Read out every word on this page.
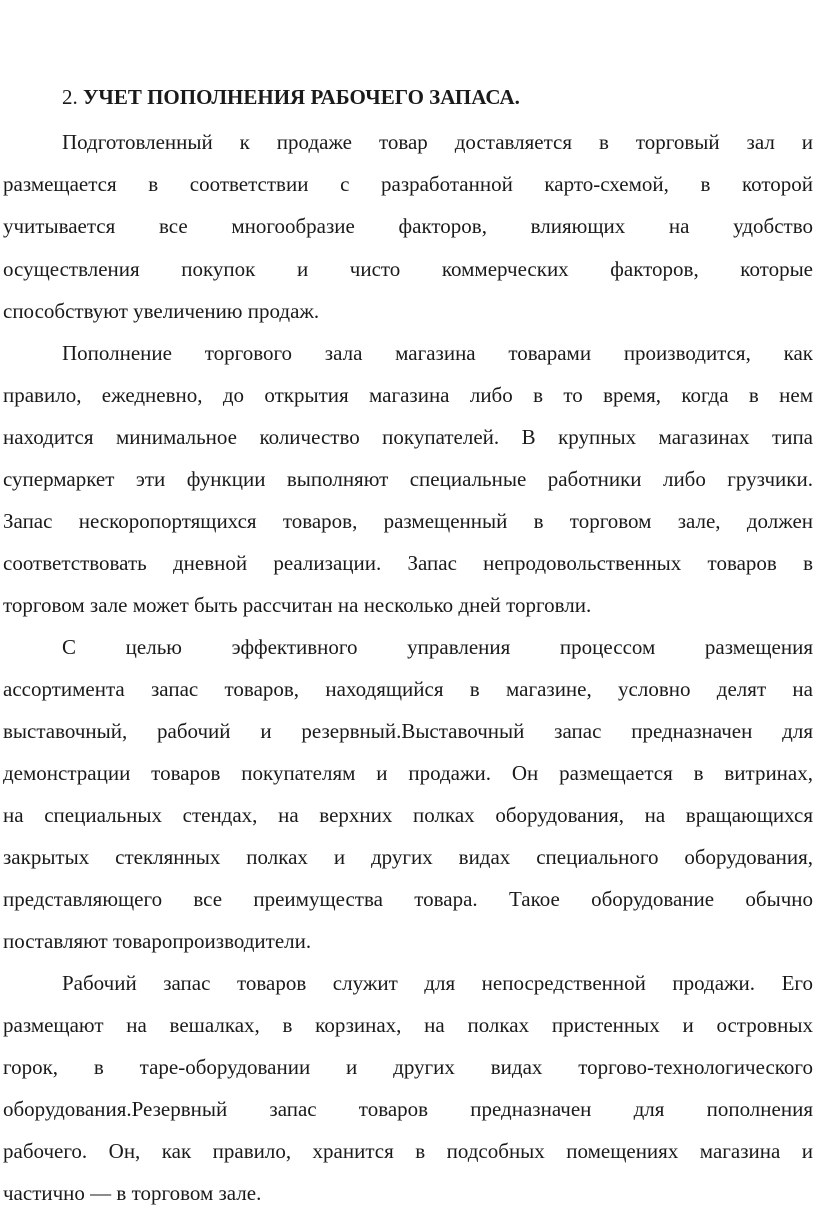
2. УЧЕТ ПОПОЛНЕНИЯ РАБОЧЕГО ЗАПАСА.
Подготовленный к продаже товар доставляется в торговый зал и
размещается в соответствии с разработанной карто-схемой, в которой
учитывается все многообразие факторов, влияющих на удобство
осуществления покупок и чисто коммерческих факторов, которые
способствуют увеличению продаж.
Пополнение торгового зала магазина товарами производится, как
правило, ежедневно, до открытия магазина либо в то время, когда в нем
находится минимальное количество покупателей. В крупных магазинах типа
супермаркет эти функции выполняют специальные работники либо грузчики.
Запас нескоропортящихся товаров, размещенный в торговом зале, должен
соответствовать дневной реализации. Запас непродовольственных товаров в
торговом зале может быть рассчитан на несколько дней торговли.
С целью эффективного управления процессом размещения
ассортимента запас товаров, находящийся в магазине, условно делят на
выставочный, рабочий и резервный.Выставочный запас предназначен для
демонстрации товаров покупателям и продажи. Он размещается в витринах,
на специальных стендах, на верхних полках оборудования, на вращающихся
закрытых стеклянных полках и других видах специального оборудования,
представляющего все преимущества товара. Такое оборудование обычно
поставляют товаропроизводители.
Рабочий запас товаров служит для непосредственной продажи. Его
размещают на вешалках, в корзинах, на полках пристенных и островных
горок, в таре-оборудовании и других видах торгово-технологического
оборудования.Резервный запас товаров предназначен для пополнения
рабочего. Он, как правило, хранится в подсобных помещениях магазина и
частично — в торговом зале.
